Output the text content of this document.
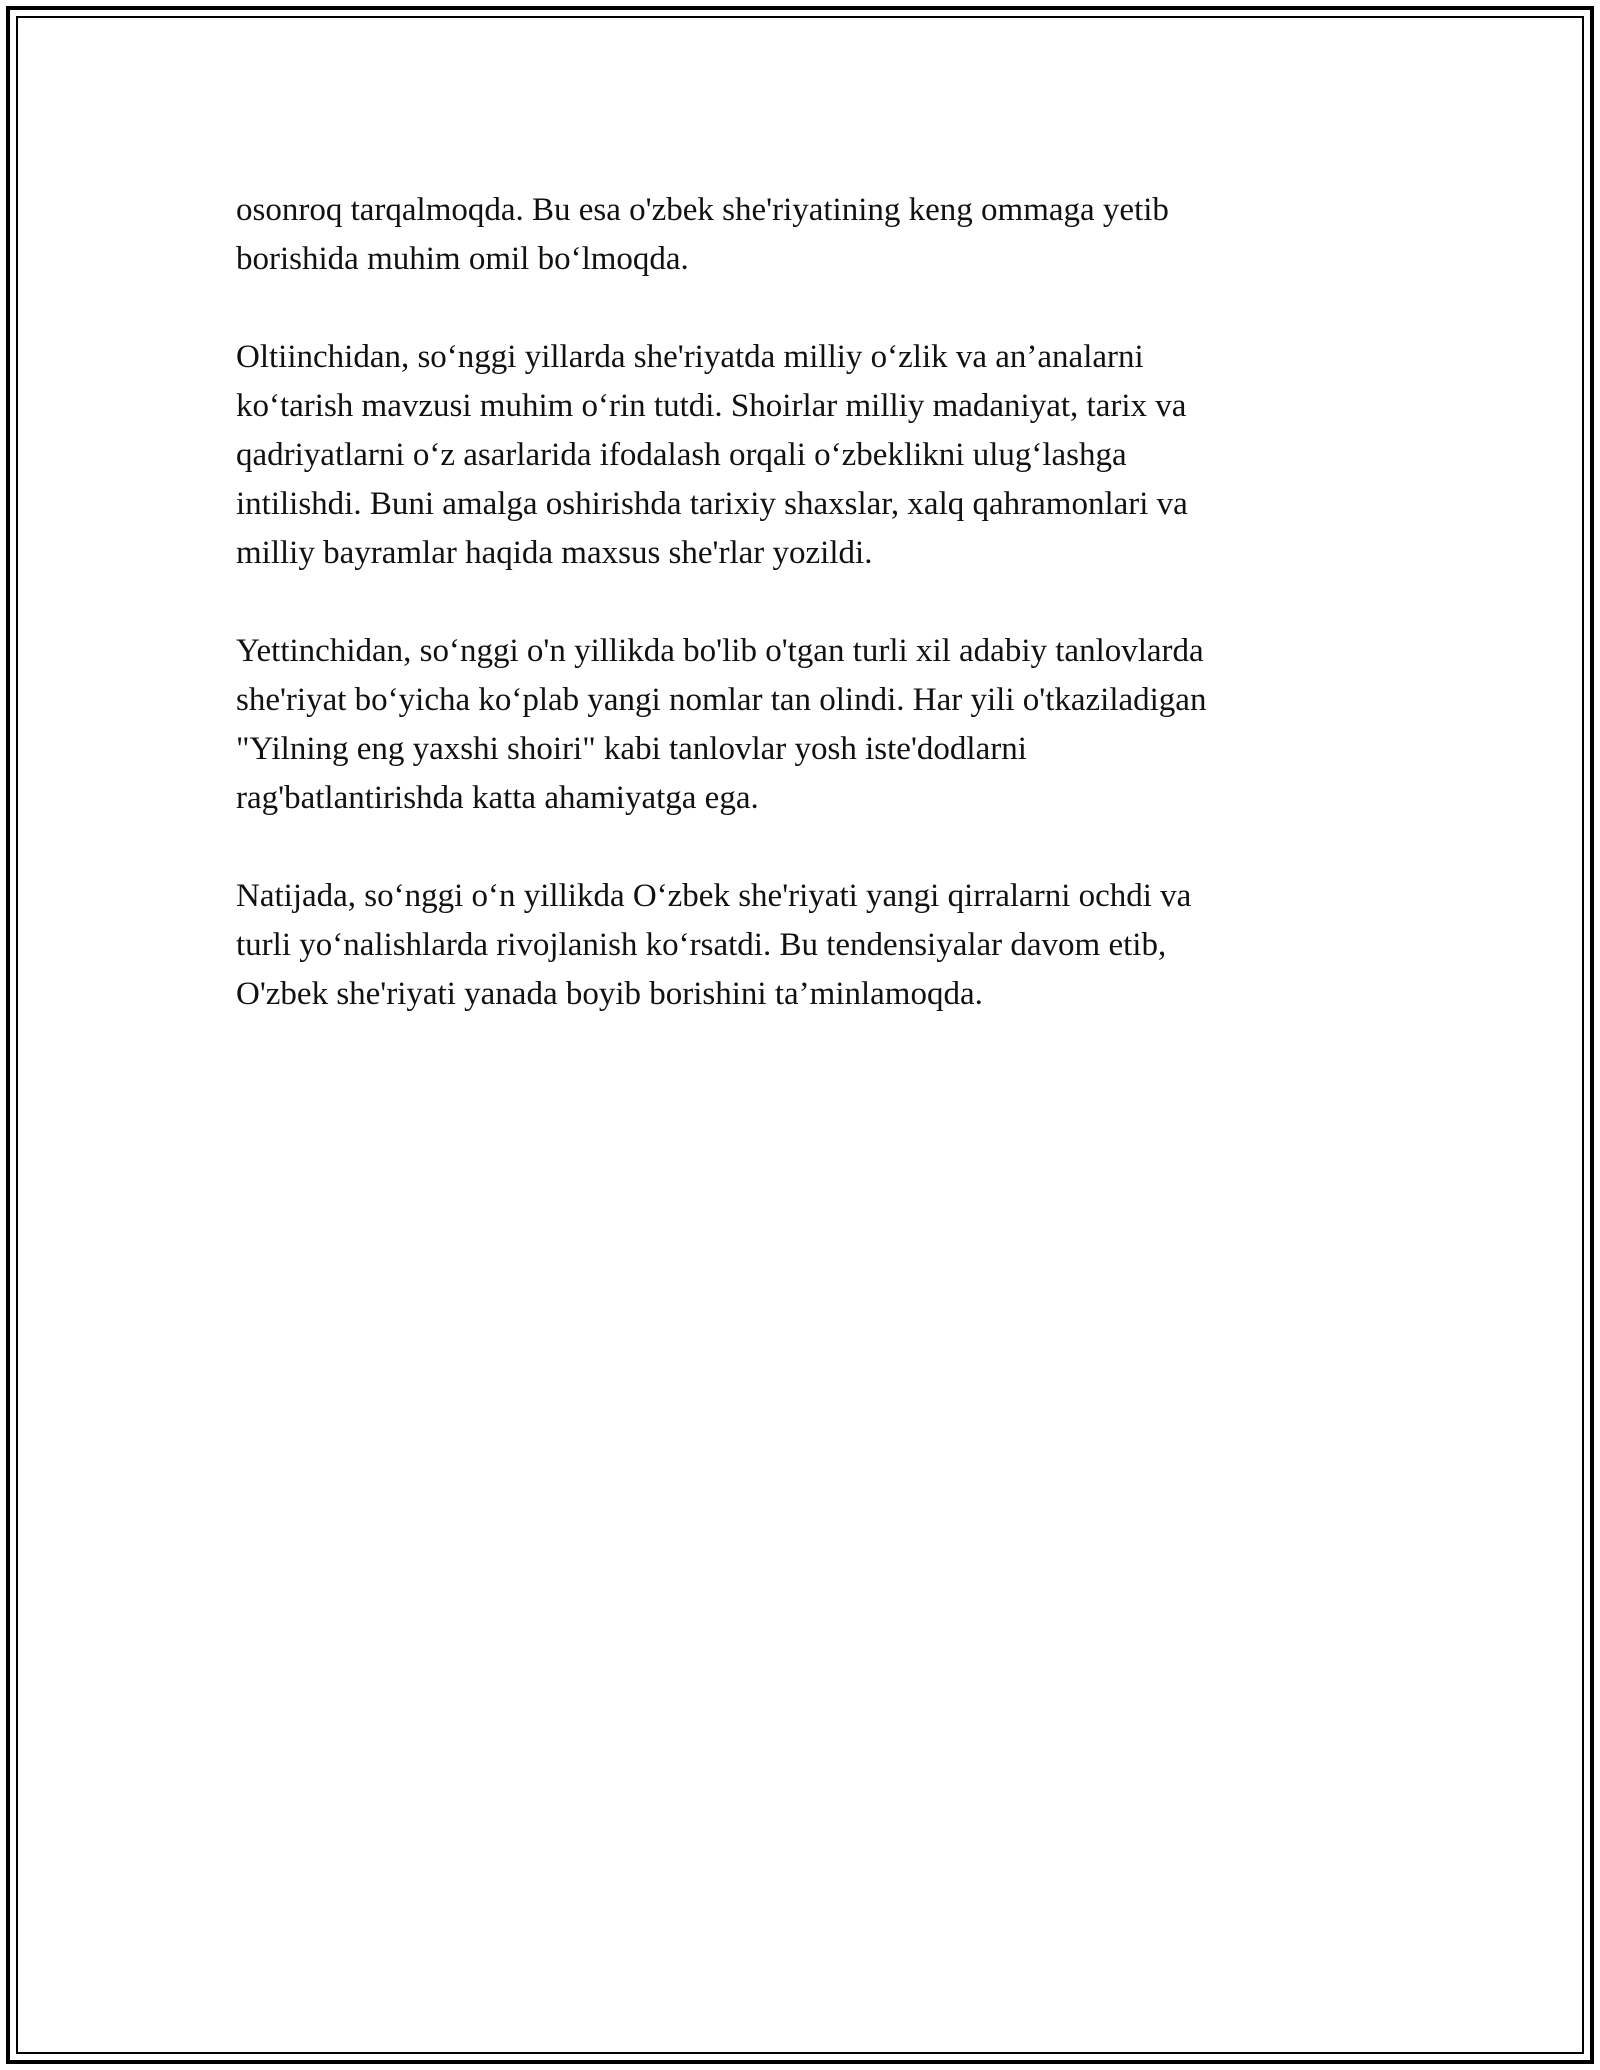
osonroq tarqalmoqda. Bu esa o'zbek she'riyatining keng ommaga yetib
borishida muhim omil bo‘lmoqda.

Oltiinchidan, so‘nggi yillarda she'riyatda milliy o‘zlik va an’analarni
ko‘tarish mavzusi muhim o‘rin tutdi. Shoirlar milliy madaniyat, tarix va
qadriyatlarni o‘z asarlarida ifodalash orqali o‘zbeklikni ulug‘lashga
intilishdi. Buni amalga oshirishda tarixiy shaxslar, xalq qahramonlari va
milliy bayramlar haqida maxsus she'rlar yozildi.

Yettinchidan, so‘nggi o'n yillikda bo'lib o'tgan turli xil adabiy tanlovlarda
she'riyat bo‘yicha ko‘plab yangi nomlar tan olindi. Har yili o'tkaziladigan
"Yilning eng yaxshi shoiri" kabi tanlovlar yosh iste'dodlarni
rag'batlantirishda katta ahamiyatga ega.

Natijada, so‘nggi o‘n yillikda O‘zbek she'riyati yangi qirralarni ochdi va
turli yo‘nalishlarda rivojlanish ko‘rsatdi. Bu tendensiyalar davom etib,
O'zbek she'riyati yanada boyib borishini ta’minlamoqda.
